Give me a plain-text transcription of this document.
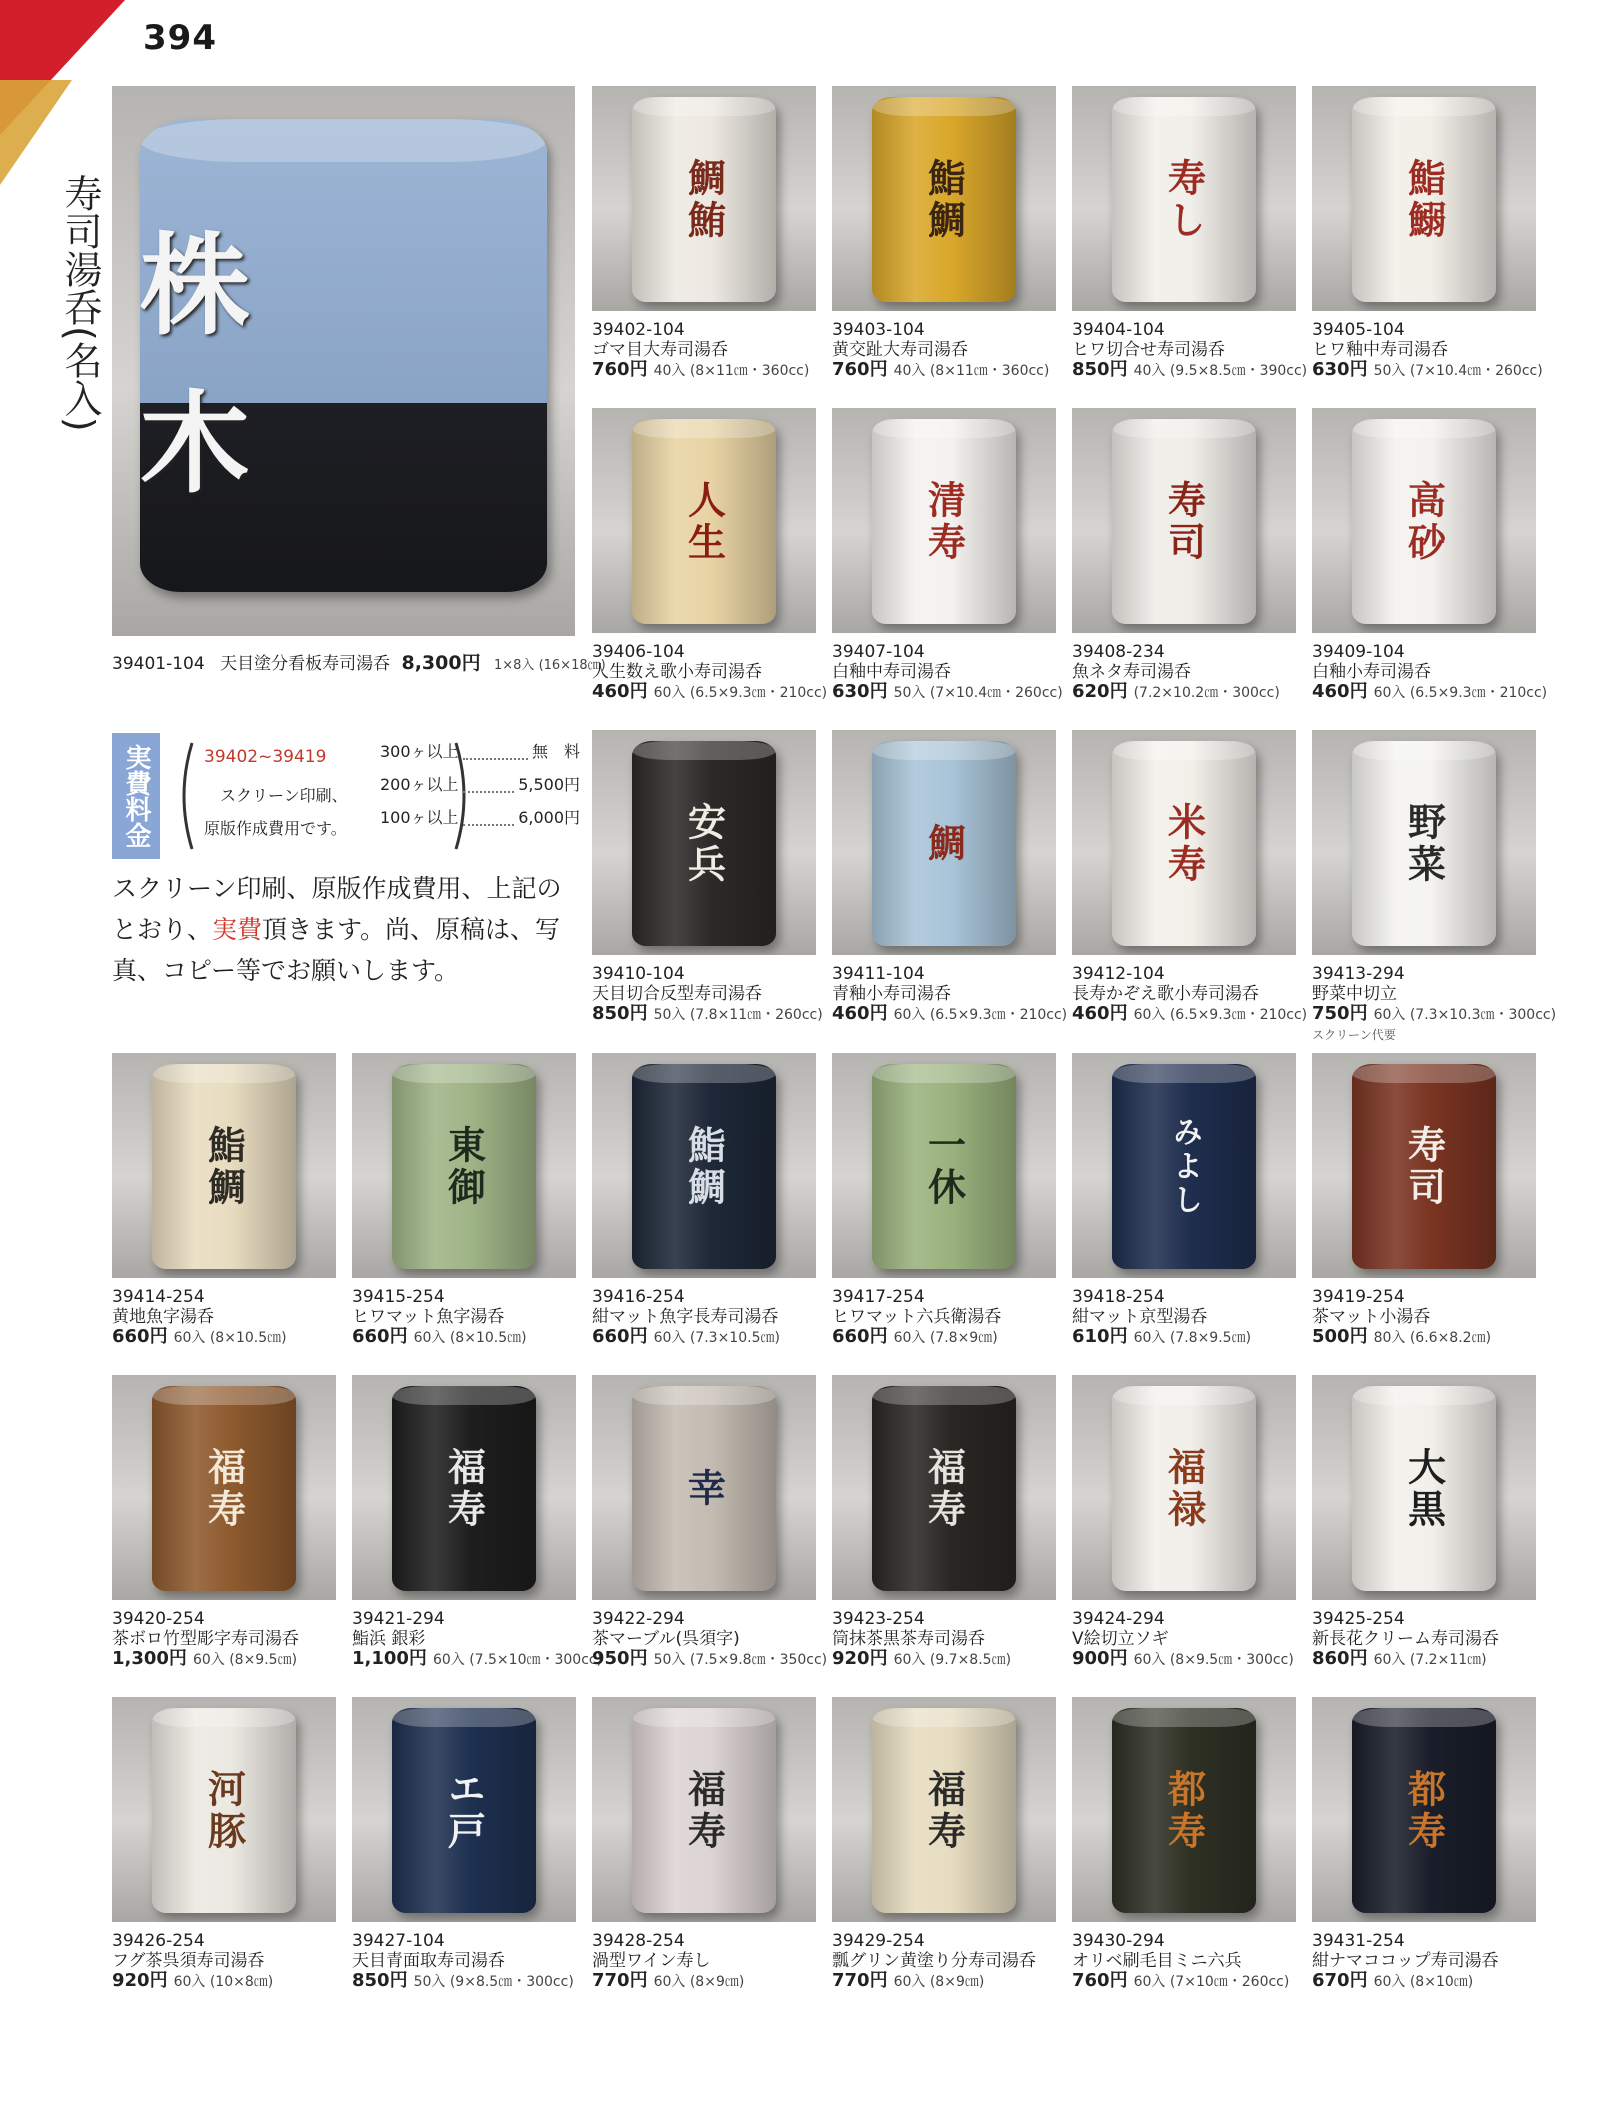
394
寿司湯呑(名入) 株木
39401-104 天目塗分看板寿司湯呑 8,300円 1×8入 (16×18㎝)
実費料金	39402~39419
スクリーン印刷、
原版作成費用です。
300ヶ以上	無　料
200ヶ以上	5,500円
100ヶ以上	6,000円
スクリーン印刷、原版作成費用、上記のとおり、実費頂きます。尚、原稿は、写真、コピー等でお願いします。
鯛鮪
39402-104
ゴマ目大寿司湯呑
760円 40入 (8×11㎝・360cc)
鮨鯛
39403-104
黄交趾大寿司湯呑
760円 40入 (8×11㎝・360cc)
寿し
39404-104
ヒワ切合せ寿司湯呑
850円 40入 (9.5×8.5㎝・390cc)
鮨鰯
39405-104
ヒワ釉中寿司湯呑
630円 50入 (7×10.4㎝・260cc)
人生
39406-104
人生数え歌小寿司湯呑
460円 60入 (6.5×9.3㎝・210cc)
清寿
39407-104
白釉中寿司湯呑
630円 50入 (7×10.4㎝・260cc)
寿司
39408-234
魚ネタ寿司湯呑
620円 (7.2×10.2㎝・300cc)
高砂
39409-104
白釉小寿司湯呑
460円 60入 (6.5×9.3㎝・210cc)
安兵
39410-104
天目切合反型寿司湯呑
850円 50入 (7.8×11㎝・260cc)
鯛
39411-104
青釉小寿司湯呑
460円 60入 (6.5×9.3㎝・210cc)
米寿
39412-104
長寿かぞえ歌小寿司湯呑
460円 60入 (6.5×9.3㎝・210cc)
野菜
39413-294
野菜中切立
750円 60入 (7.3×10.3㎝・300cc)
スクリーン代要
鮨鯛
39414-254
黄地魚字湯呑
660円 60入 (8×10.5㎝)
東御
39415-254
ヒワマット魚字湯呑
660円 60入 (8×10.5㎝)
鮨鯛
39416-254
紺マット魚字長寿司湯呑
660円 60入 (7.3×10.5㎝)
一休
39417-254
ヒワマット六兵衛湯呑
660円 60入 (7.8×9㎝)
みよし
39418-254
紺マット京型湯呑
610円 60入 (7.8×9.5㎝)
寿司
39419-254
茶マット小湯呑
500円 80入 (6.6×8.2㎝)
福寿
39420-254
茶ボロ竹型彫字寿司湯呑
1,300円 60入 (8×9.5㎝)
福寿
39421-294
鮨浜 銀彩
1,100円 60入 (7.5×10㎝・300cc)
幸
39422-294
茶マーブル(呉須字)
950円 50入 (7.5×9.8㎝・350cc)
福寿
39423-254
筒抹茶黒茶寿司湯呑
920円 60入 (9.7×8.5㎝)
福禄
39424-294
V絵切立ソギ
900円 60入 (8×9.5㎝・300cc)
大黒
39425-254
新長花クリーム寿司湯呑
860円 60入 (7.2×11㎝)
河豚
39426-254
フグ茶呉須寿司湯呑
920円 60入 (10×8㎝)
エ戸
39427-104
天目青面取寿司湯呑
850円 50入 (9×8.5㎝・300cc)
福寿
39428-254
渦型ワイン寿し
770円 60入 (8×9㎝)
福寿
39429-254
瓢グリン黄塗り分寿司湯呑
770円 60入 (8×9㎝)
都寿
39430-294
オリベ刷毛目ミニ六兵
760円 60入 (7×10㎝・260cc)
都寿
39431-254
紺ナマココップ寿司湯呑
670円 60入 (8×10㎝)
